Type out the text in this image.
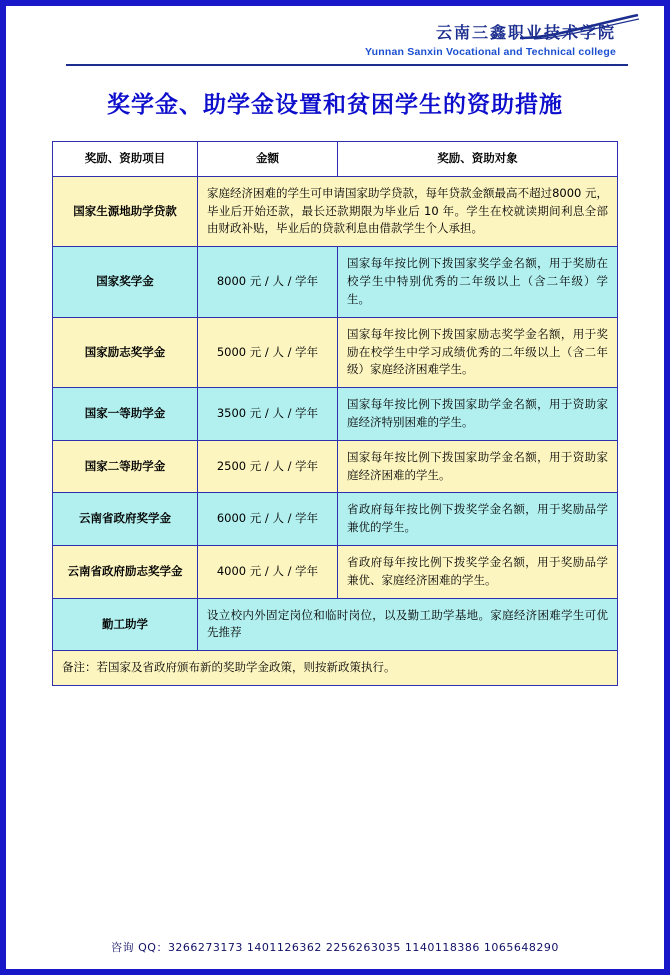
云南三鑫职业技术学院
Yunnan Sanxin Vocational and Technical college
奖学金、助学金设置和贫困学生的资助措施
奖励、资助项目	金额	奖励、资助对象
国家生源地助学贷款	家庭经济困难的学生可申请国家助学贷款，每年贷款金额最高不超过8000 元，毕业后开始还款，最长还款期限为毕业后 10 年。学生在校就读期间利息全部由财政补贴，毕业后的贷款利息由借款学生个人承担。	
国家奖学金	8000 元 / 人 / 学年	国家每年按比例下拨国家奖学金名额，用于奖励在校学生中特别优秀的二年级以上（含二年级）学生。
国家励志奖学金	5000 元 / 人 / 学年	国家每年按比例下拨国家励志奖学金名额，用于奖励在校学生中学习成绩优秀的二年级以上（含二年级）家庭经济困难学生。
国家一等助学金	3500 元 / 人 / 学年	国家每年按比例下拨国家助学金名额，用于资助家庭经济特别困难的学生。
国家二等助学金	2500 元 / 人 / 学年	国家每年按比例下拨国家助学金名额，用于资助家庭经济困难的学生。
云南省政府奖学金	6000 元 / 人 / 学年	省政府每年按比例下拨奖学金名额，用于奖励品学兼优的学生。
云南省政府励志奖学金	4000 元 / 人 / 学年	省政府每年按比例下拨奖学金名额，用于奖励品学兼优、家庭经济困难的学生。
勤工助学	设立校内外固定岗位和临时岗位，以及勤工助学基地。家庭经济困难学生可优先推荐	
备注：若国家及省政府颁布新的奖助学金政策，则按新政策执行。		
咨询 QQ：3266273173 1401126362 2256263035 1140118386 1065648290
